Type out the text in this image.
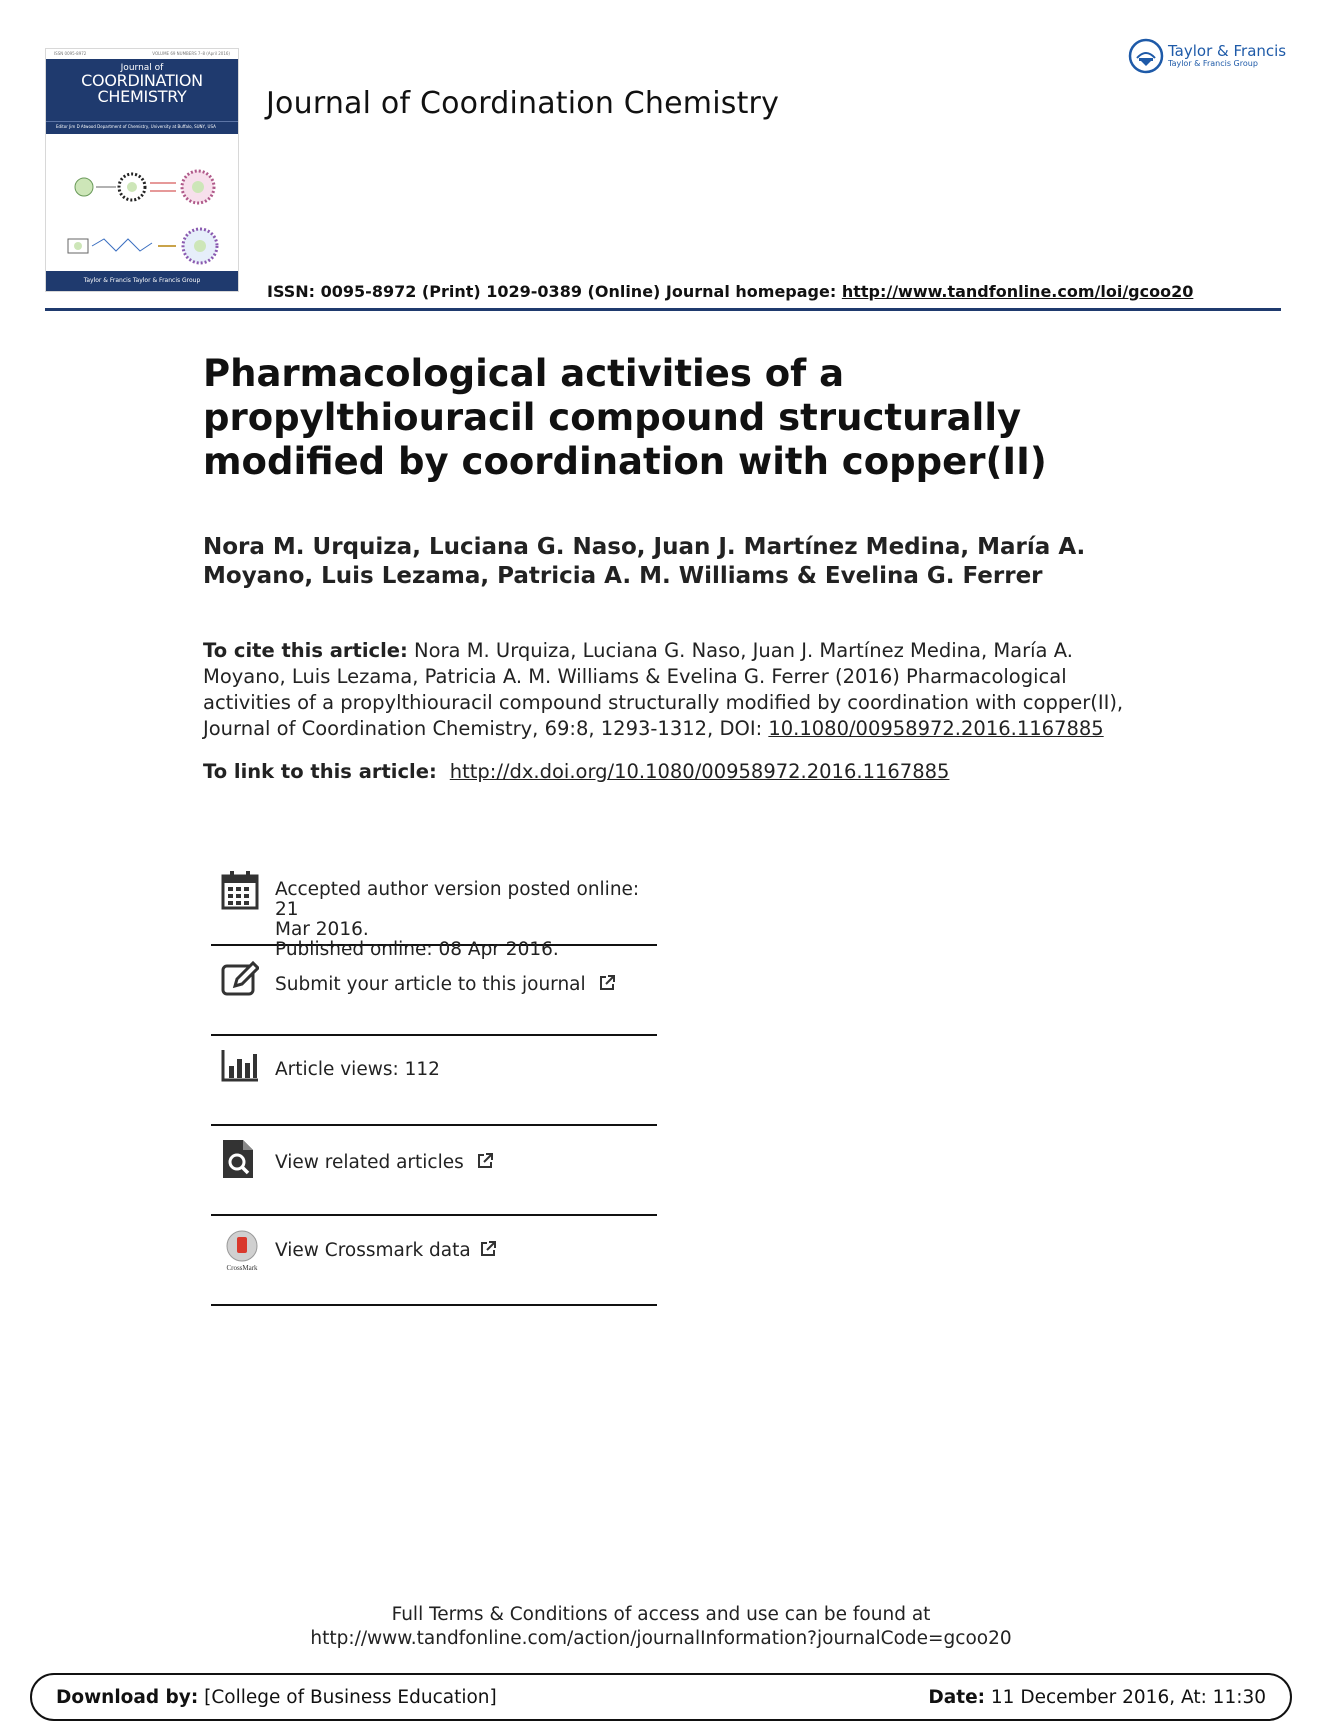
ISSN 0095-8972	VOLUME 69 NUMBERS 7–8 (April 2016)
Journal of
COORDINATION
CHEMISTRY
Editor Jim D Atwood Department of Chemistry, University at Buffalo, SUNY, USA
Taylor & Francis Taylor & Francis Group
Journal of Coordination Chemistry
Taylor & Francis
Taylor & Francis Group
ISSN: 0095-8972 (Print) 1029-0389 (Online) Journal homepage: http://www.tandfonline.com/loi/gcoo20
Pharmacological activities of a propylthiouracil compound structurally modified by coordination with copper(II)
Nora M. Urquiza, Luciana G. Naso, Juan J. Martínez Medina, María A. Moyano, Luis Lezama, Patricia A. M. Williams & Evelina G. Ferrer
To cite this article: Nora M. Urquiza, Luciana G. Naso, Juan J. Martínez Medina, María A. Moyano, Luis Lezama, Patricia A. M. Williams & Evelina G. Ferrer (2016) Pharmacological activities of a propylthiouracil compound structurally modified by coordination with copper(II), Journal of Coordination Chemistry, 69:8, 1293-1312, DOI: 10.1080/00958972.2016.1167885
To link to this article:  http://dx.doi.org/10.1080/00958972.2016.1167885
Accepted author version posted online: 21
Mar 2016.
Published online: 08 Apr 2016.
Submit your article to this journal
Article views: 112
View related articles
CrossMark
View Crossmark data
Full Terms & Conditions of access and use can be found at
http://www.tandfonline.com/action/journalInformation?journalCode=gcoo20
Download by: [College of Business Education]	Date: 11 December 2016, At: 11:30
